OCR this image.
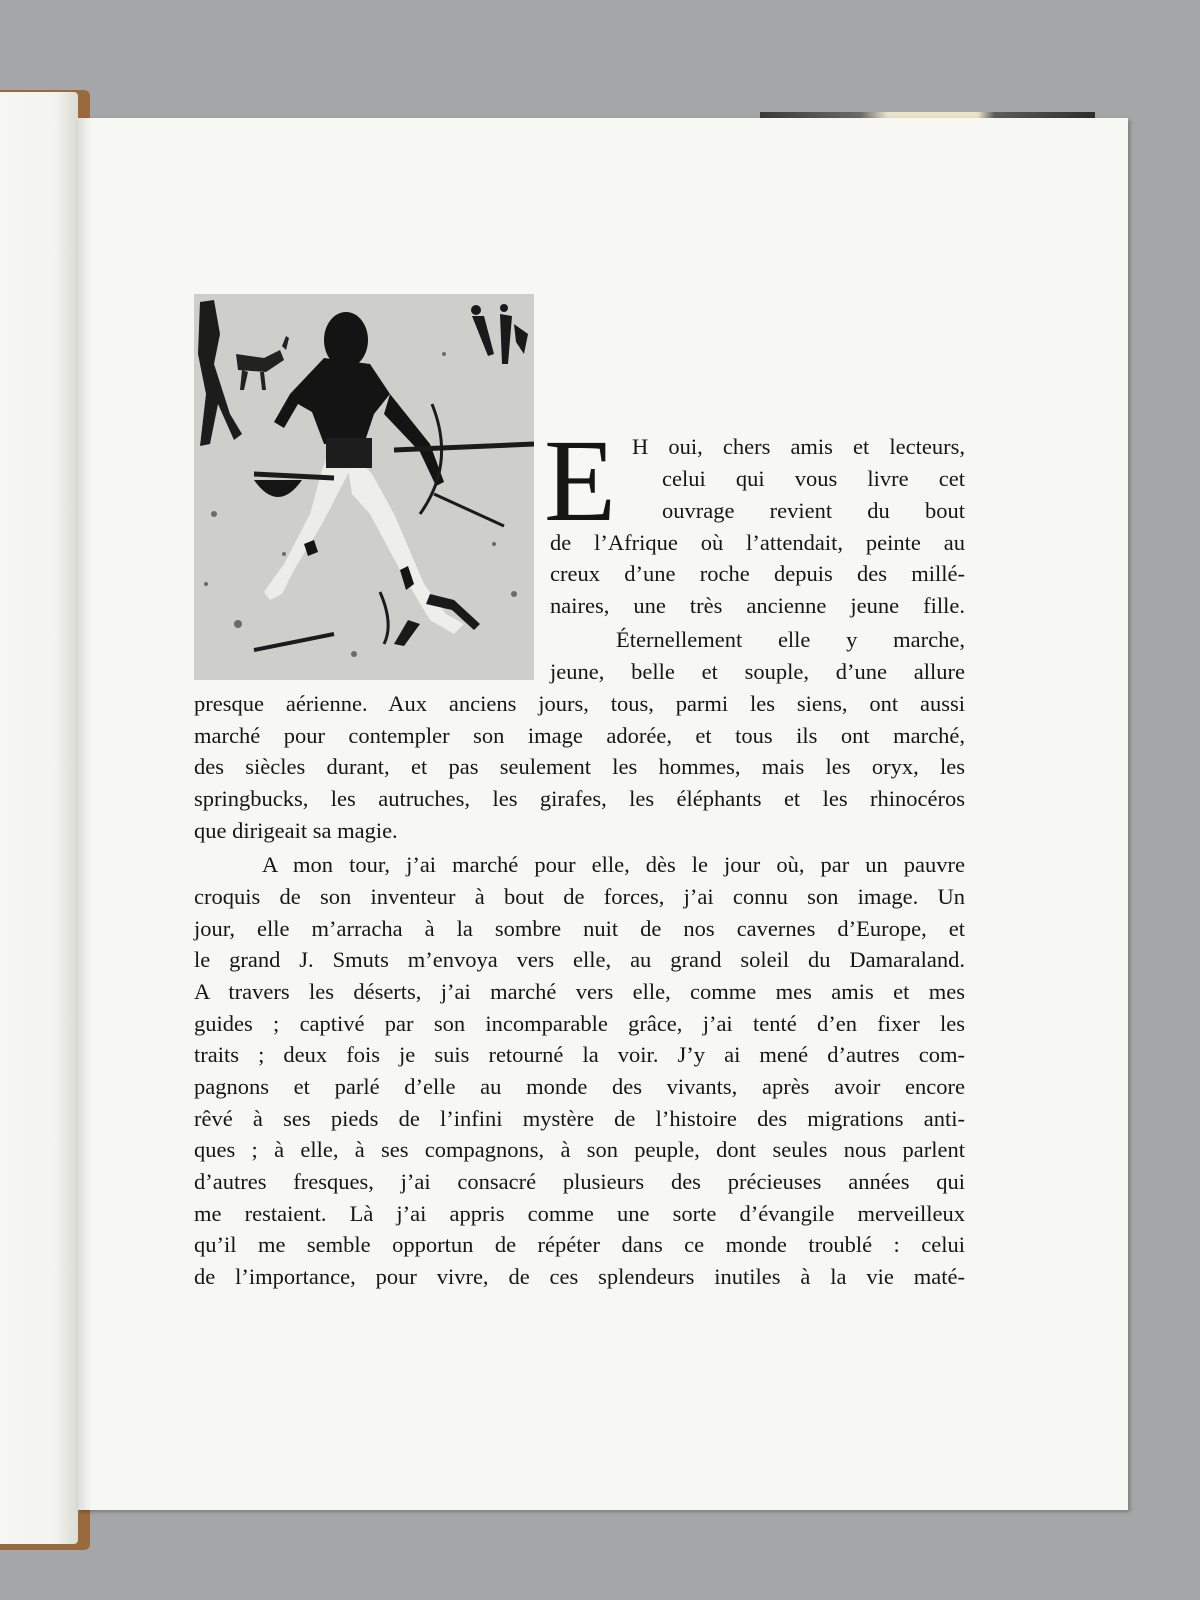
E H oui, chers amis et lecteurs,
celui qui vous livre cet
ouvrage revient du bout
de l’Afrique où l’attendait, peinte au
creux d’une roche depuis des millé-
naires, une très ancienne jeune fille.
Éternellement elle y marche,
jeune, belle et souple, d’une allure
presque aérienne. Aux anciens jours, tous, parmi les siens, ont aussi
marché pour contempler son image adorée, et tous ils ont marché,
des siècles durant, et pas seulement les hommes, mais les oryx, les
springbucks, les autruches, les girafes, les éléphants et les rhinocéros
que dirigeait sa magie.
A mon tour, j’ai marché pour elle, dès le jour où, par un pauvre
croquis de son inventeur à bout de forces, j’ai connu son image. Un
jour, elle m’arracha à la sombre nuit de nos cavernes d’Europe, et
le grand J. Smuts m’envoya vers elle, au grand soleil du Damaraland.
A travers les déserts, j’ai marché vers elle, comme mes amis et mes
guides ; captivé par son incomparable grâce, j’ai tenté d’en fixer les
traits ; deux fois je suis retourné la voir. J’y ai mené d’autres com-
pagnons et parlé d’elle au monde des vivants, après avoir encore
rêvé à ses pieds de l’infini mystère de l’histoire des migrations anti-
ques ; à elle, à ses compagnons, à son peuple, dont seules nous parlent
d’autres fresques, j’ai consacré plusieurs des précieuses années qui
me restaient. Là j’ai appris comme une sorte d’évangile merveilleux
qu’il me semble opportun de répéter dans ce monde troublé : celui
de l’importance, pour vivre, de ces splendeurs inutiles à la vie maté-
